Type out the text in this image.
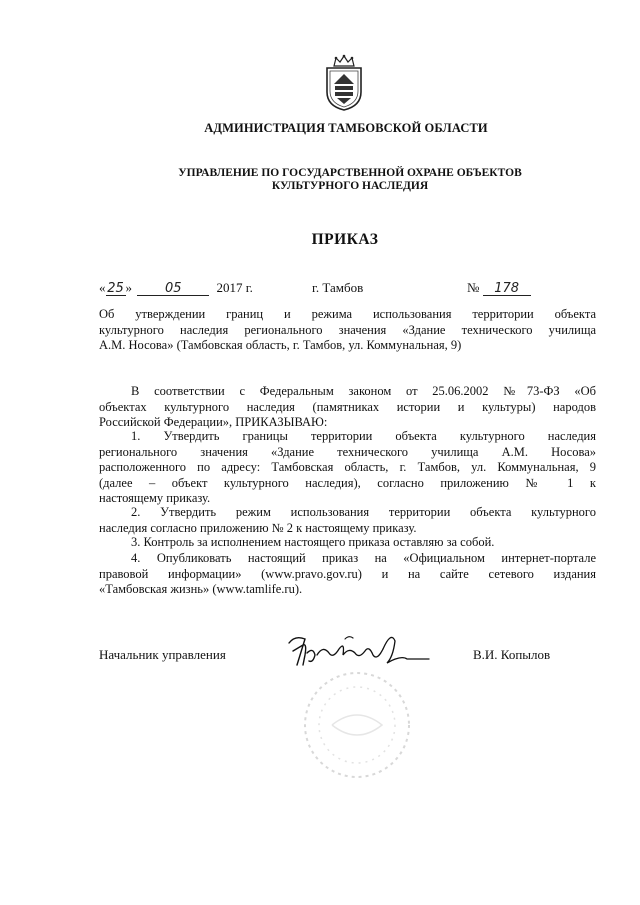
АДМИНИСТРАЦИЯ ТАМБОВСКОЙ ОБЛАСТИ
УПРАВЛЕНИЕ ПО ГОСУДАРСТВЕННОЙ ОХРАНЕ ОБЪЕКТОВ
КУЛЬТУРНОГО НАСЛЕДИЯ
ПРИКАЗ
« 25 »	05	2017 г.	г. Тамбов	№ 178
Об утверждении границ и режима использования территории объекта
культурного наследия регионального значения «Здание технического училища
А.М. Носова» (Тамбовская область, г. Тамбов, ул. Коммунальная, 9)
В соответствии с Федеральным законом от 25.06.2002 №73-ФЗ «Об
объектах культурного наследия (памятниках истории и культуры) народов
Российской Федерации», ПРИКАЗЫВАЮ:
1. Утвердить границы территории объекта культурного наследия
регионального значения «Здание технического училища А.М. Носова»
расположенного по адресу: Тамбовская область, г. Тамбов, ул. Коммунальная, 9
(далее – объект культурного наследия), согласно приложению № 1 к
настоящему приказу.
2. Утвердить режим использования территории объекта культурного
наследия согласно приложению № 2 к настоящему приказу.
3. Контроль за исполнением настоящего приказа оставляю за собой.
4. Опубликовать настоящий приказ на «Официальном интернет-портале
правовой информации» (www.pravo.gov.ru) и на сайте сетевого издания
«Тамбовская жизнь» (www.tamlife.ru).
Начальник управления	В.И. Копылов
